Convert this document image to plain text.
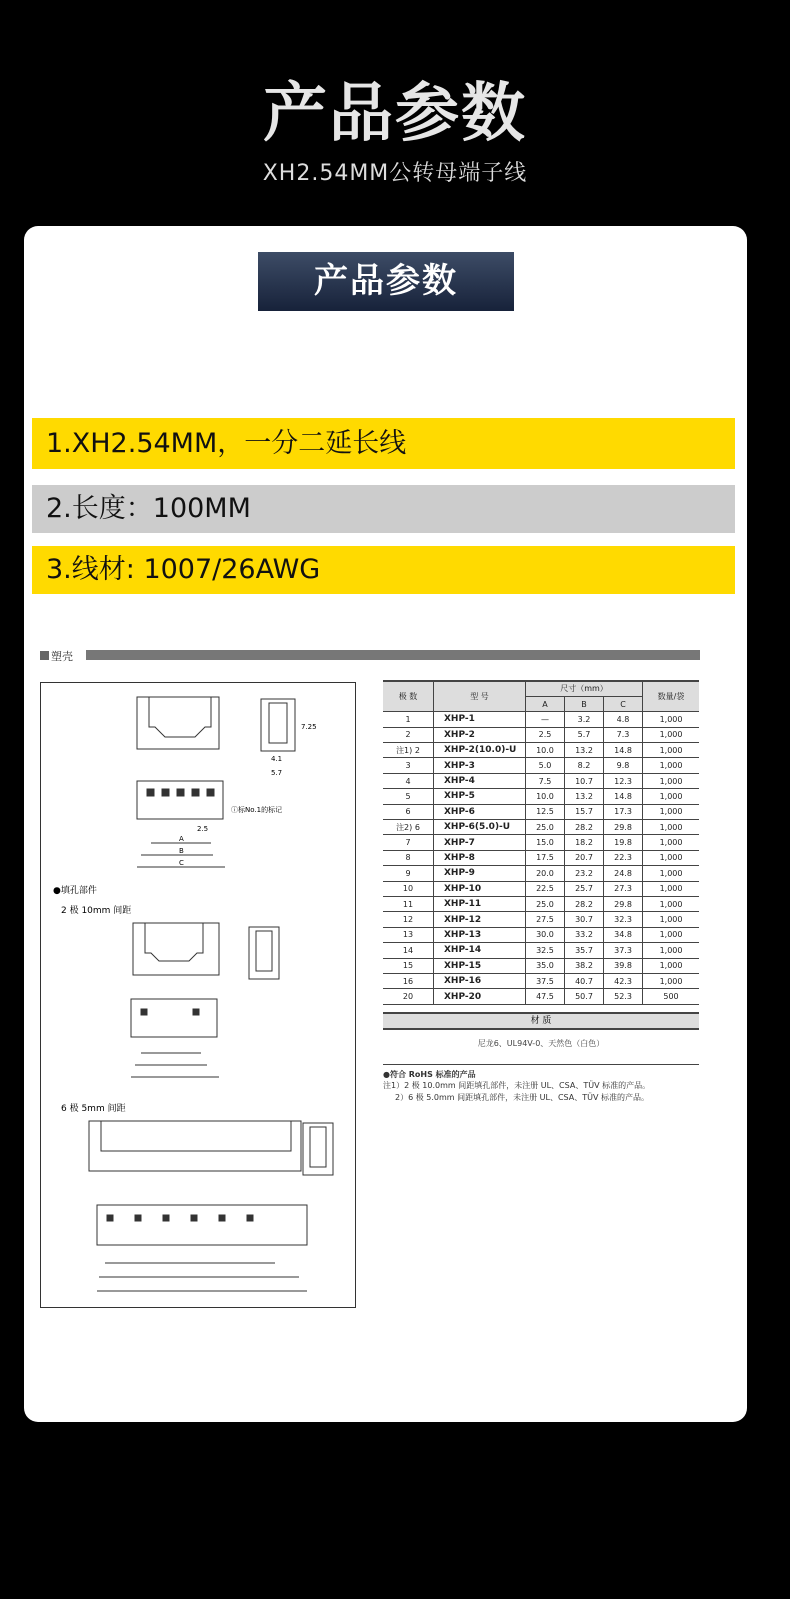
产品参数
XH2.54MM公转母端子线
产品参数
1.XH2.54MM，一分二延长线
2.长度：100MM
3.线材: 1007/26AWG
塑壳
7.25
4.1
5.7
2.5
A
B
C
ⓘ标No.1的标记
●填孔部件
2 极 10mm 间距
6 极 5mm 间距
极 数	型 号	尺寸（mm）			数量/袋
		A	B	C	
1	XHP-1	—	3.2	4.8	1,000
2	XHP-2	2.5	5.7	7.3	1,000
注1) 2	XHP-2(10.0)-U	10.0	13.2	14.8	1,000
3	XHP-3	5.0	8.2	9.8	1,000
4	XHP-4	7.5	10.7	12.3	1,000
5	XHP-5	10.0	13.2	14.8	1,000
6	XHP-6	12.5	15.7	17.3	1,000
注2) 6	XHP-6(5.0)-U	25.0	28.2	29.8	1,000
7	XHP-7	15.0	18.2	19.8	1,000
8	XHP-8	17.5	20.7	22.3	1,000
9	XHP-9	20.0	23.2	24.8	1,000
10	XHP-10	22.5	25.7	27.3	1,000
11	XHP-11	25.0	28.2	29.8	1,000
12	XHP-12	27.5	30.7	32.3	1,000
13	XHP-13	30.0	33.2	34.8	1,000
14	XHP-14	32.5	35.7	37.3	1,000
15	XHP-15	35.0	38.2	39.8	1,000
16	XHP-16	37.5	40.7	42.3	1,000
20	XHP-20	47.5	50.7	52.3	500
材 质
尼龙6、UL94V-0、天然色（白色）
●符合 RoHS 标准的产品
注1）2 极 10.0mm 间距填孔部件，未注册 UL、CSA、TÜV 标准的产品。
2）6 极 5.0mm 间距填孔部件，未注册 UL、CSA、TÜV 标准的产品。
